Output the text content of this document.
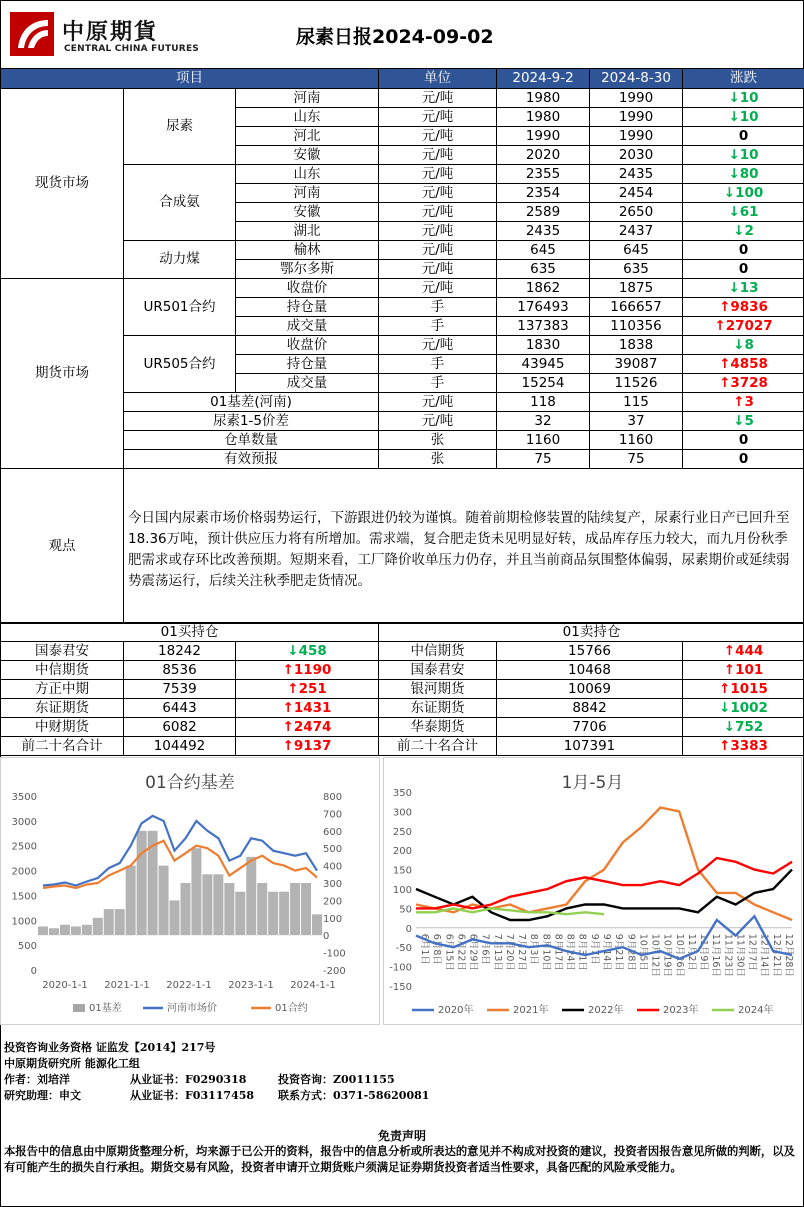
中原期貨
CENTRAL CHINA FUTURES
尿素日报2024-09-02
项目			单位	2024-9-2	2024-8-30	涨跌
现货市场	尿素	河南	元/吨	1980	1990	↓10
		山东	元/吨	1980	1990	↓10
		河北	元/吨	1990	1990	0
		安徽	元/吨	2020	2030	↓10
	合成氨	山东	元/吨	2355	2435	↓80
		河南	元/吨	2354	2454	↓100
		安徽	元/吨	2589	2650	↓61
		湖北	元/吨	2435	2437	↓2
	动力煤	榆林	元/吨	645	645	0
		鄂尔多斯	元/吨	635	635	0
期货市场	UR501合约	收盘价	元/吨	1862	1875	↓13
		持仓量	手	176493	166657	↑9836
		成交量	手	137383	110356	↑27027
	UR505合约	收盘价	元/吨	1830	1838	↓8
		持仓量	手	43945	39087	↑4858
		成交量	手	15254	11526	↑3728
	01基差(河南)		元/吨	118	115	↑3
	尿素1-5价差		元/吨	32	37	↓5
	仓单数量		张	1160	1160	0
	有效预报		张	75	75	0
观点	今日国内尿素市场价格弱势运行，下游跟进仍较为谨慎。随着前期检修装置的陆续复产，尿素行业日产已回升至18.36万吨，预计供应压力将有所增加。需求端，复合肥走货未见明显好转，成品库存压力较大，而九月份秋季肥需求或存环比改善预期。短期来看，工厂降价收单压力仍存，并且当前商品氛围整体偏弱，尿素期价或延续弱势震荡运行，后续关注秋季肥走货情况。					
01买持仓			01卖持仓		
国泰君安	18242	↓458	中信期货	15766	↑444
中信期货	8536	↑1190	国泰君安	10468	↑101
方正中期	7539	↑251	银河期货	10069	↑1015
东证期货	6443	↑1431	东证期货	8842	↓1002
中财期货	6082	↑2474	华泰期货	7706	↓752
前二十名合计	104492	↑9137	前二十名合计	107391	↑3383
01合约基差
0
500
1000
1500
2000
2500
3000
3500
-200
-100
0
100
200
300
400
500
600
700
800
2020-1-1 2021-1-1 2022-1-1 2023-1-1 2024-1-1
01基差	河南市场价	01合约
1月-5月
-150
-100
-50
0
50
100
150
200
250
300
350
6月1日 6月8日 6月15日 6月22日 6月29日 7月6日 7月13日 7月20日 7月27日 8月3日 8月10日 8月17日 8月24日 8月31日 9月7日 9月14日 9月21日 9月28日 10月5日 10月12日 10月19日 10月26日 11月2日 11月9日 11月16日 11月23日 11月30日 12月7日 12月14日 12月21日 12月28日
2020年	2021年	2022年	2023年	2024年
投资咨询业务资格 证监发【2014】217号
中原期货研究所 能源化工组
作者：刘培洋	从业证书：F0290318	投资咨询：Z0011155
研究助理：申文	从业证书：F03117458 联系方式：0371-58620081
免责声明
本报告中的信息由中原期货整理分析，均来源于已公开的资料，报告中的信息分析或所表达的意见并不构成对投资的建议，投资者因报告意见所做的判断，以及有可能产生的损失自行承担。期货交易有风险，投资者申请开立期货账户须满足证券期货投资者适当性要求，具备匹配的风险承受能力。
